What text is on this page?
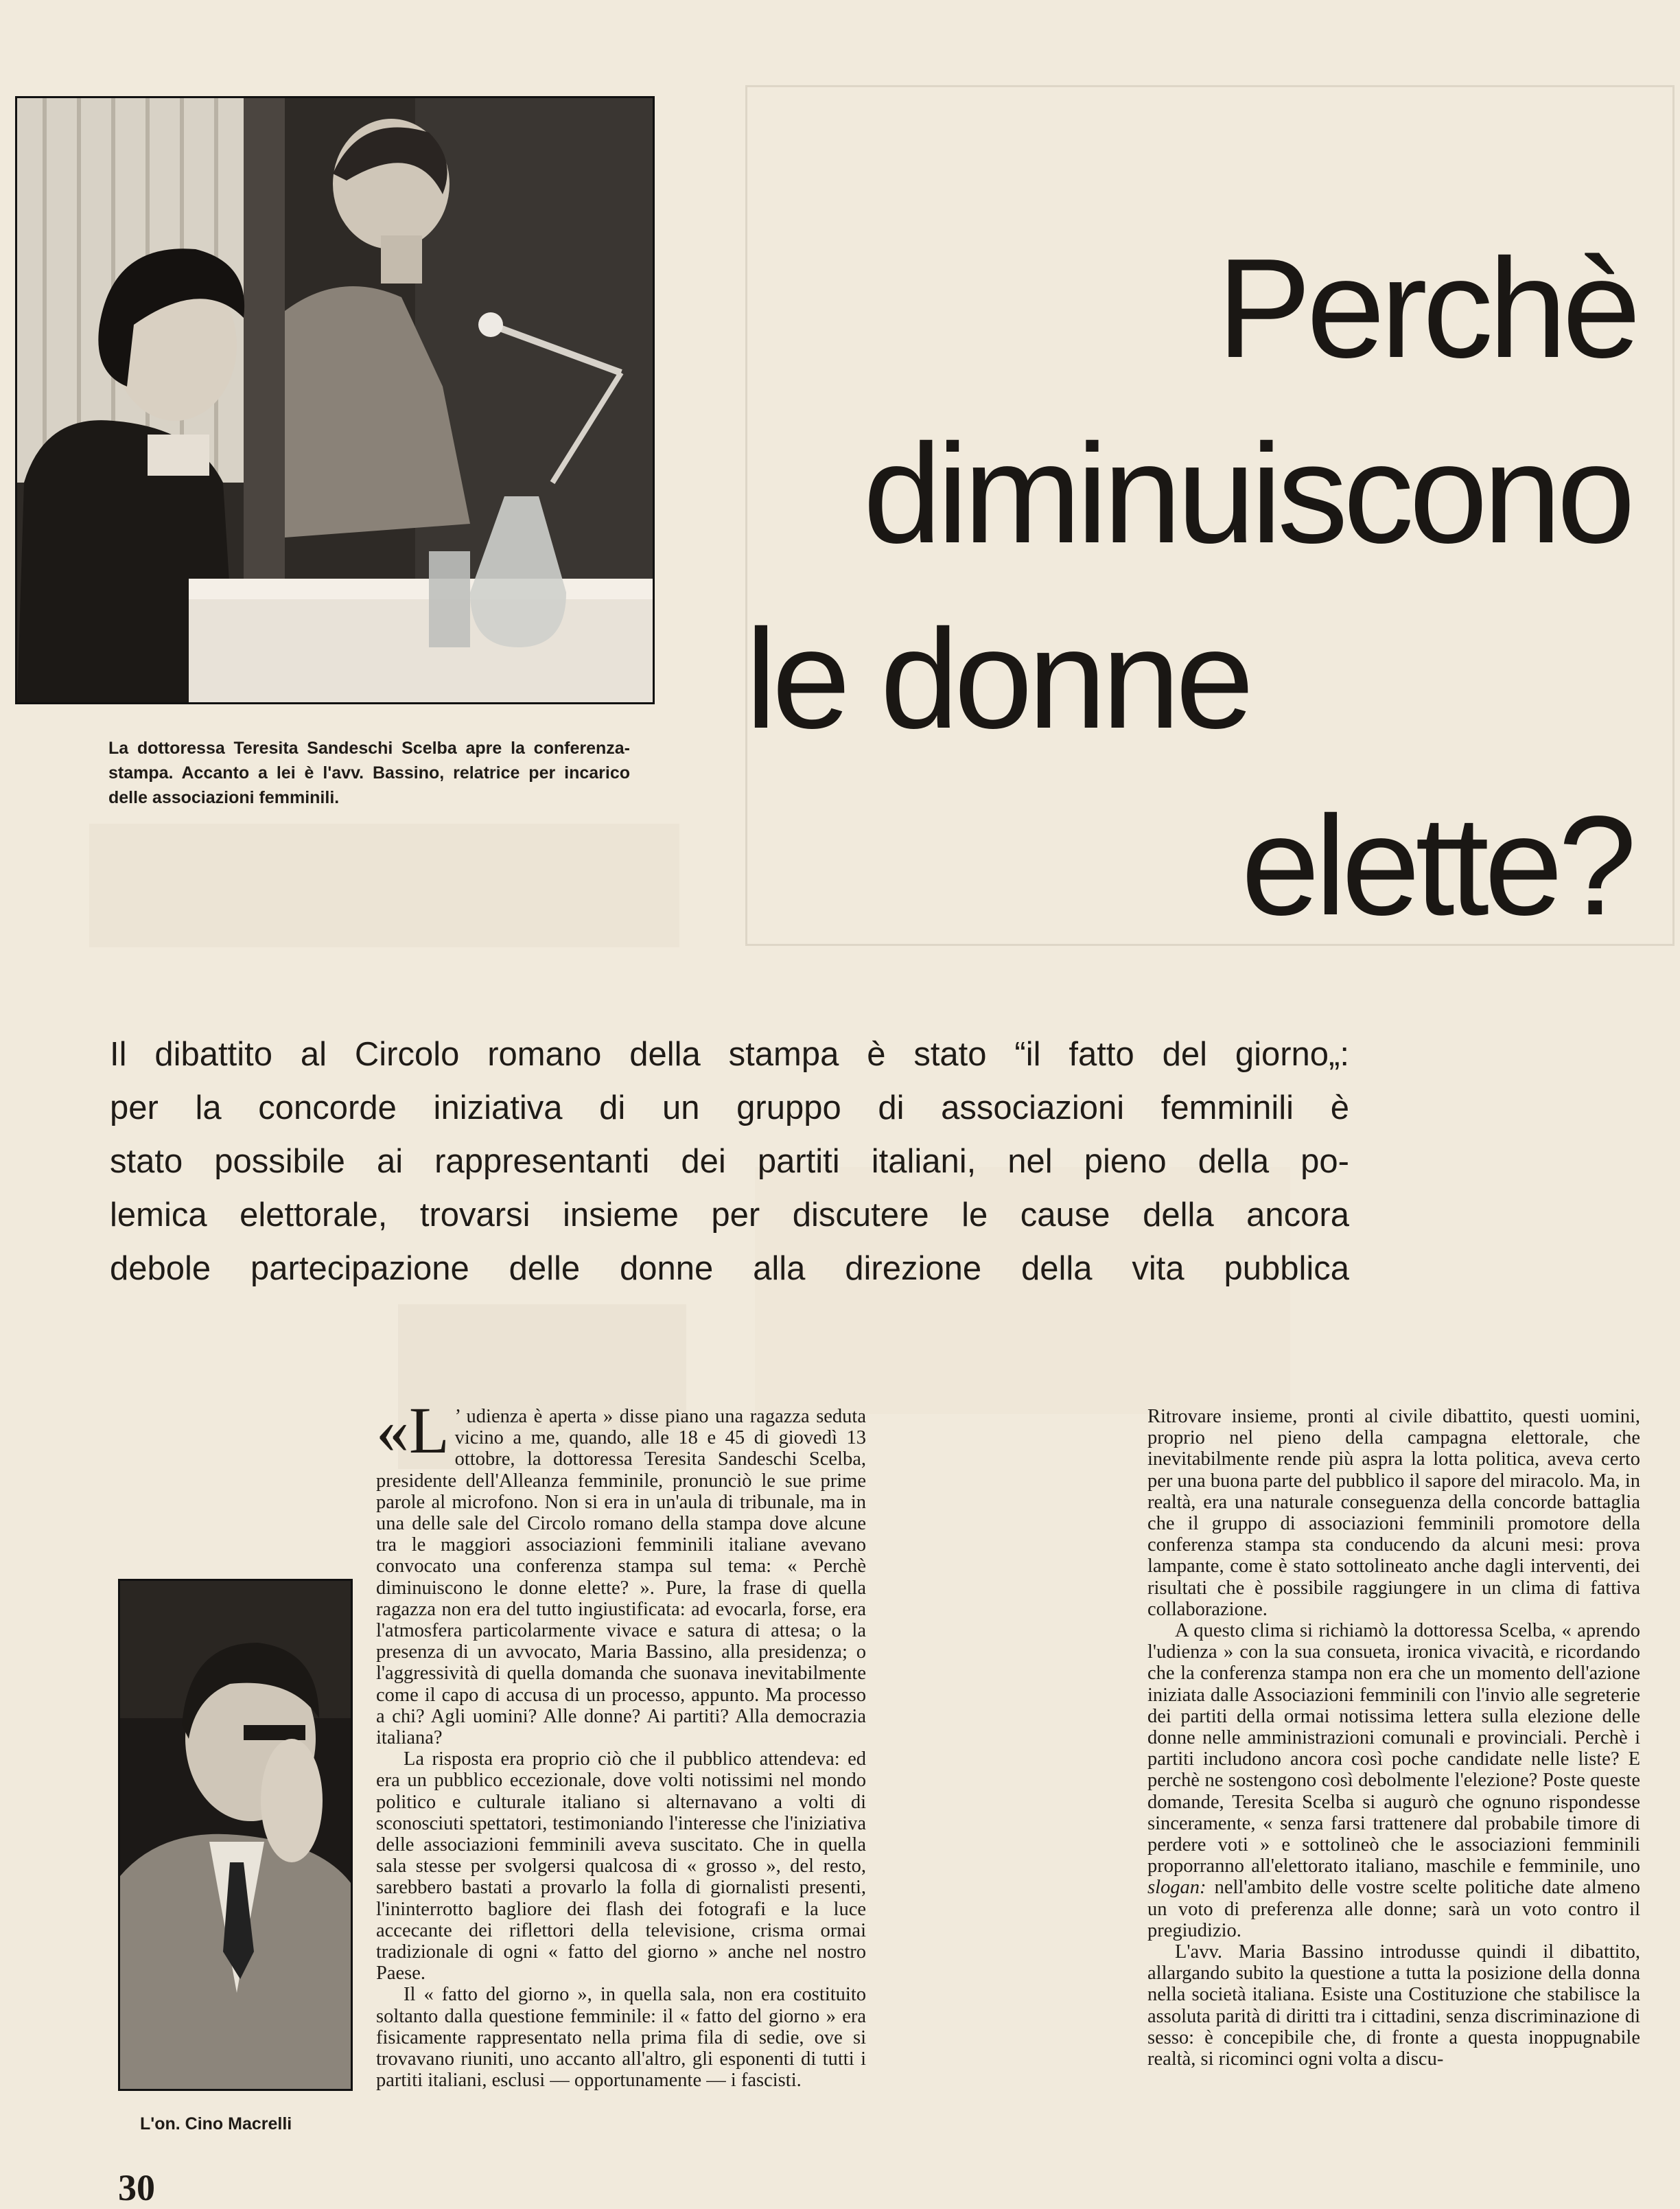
La dottoressa Teresita Sandeschi Scelba apre la conferenza-stampa. Accanto a lei è l'avv. Bassino, relatrice per incarico delle associazioni femminili.
Perchè
diminuiscono
le donne
elette?
Il dibattito al Circolo romano della stampa è stato “il fatto del giorno„:
per la concorde iniziativa di un gruppo di associazioni femminili è
stato possibile ai rappresentanti dei partiti italiani, nel pieno della po-
lemica elettorale, trovarsi insieme per discutere le cause della ancora
debole partecipazione delle donne alla direzione della vita pubblica

«L ’ udienza è aperta » disse piano una ragazza seduta vicino a me, quando, alle 18 e 45 di giovedì 13 ottobre, la dottoressa Teresita Sandeschi Scelba, presidente dell'Alleanza femminile, pronunciò le sue prime parole al microfono. Non si era in un'aula di tribunale, ma in una delle sale del Circolo romano della stampa dove alcune tra le maggiori associazioni femminili italiane avevano convocato una conferenza stampa sul tema: « Perchè diminuiscono le donne elette? ». Pure, la frase di quella ragazza non era del tutto ingiustificata: ad evocarla, forse, era l'atmosfera particolarmente vivace e satura di attesa; o la presenza di un avvocato, Maria Bassino, alla presidenza; o l'aggressività di quella domanda che suonava inevitabilmente come il capo di accusa di un processo, appunto. Ma processo a chi? Agli uomini? Alle donne? Ai partiti? Alla democrazia italiana?

La risposta era proprio ciò che il pubblico attendeva: ed era un pubblico eccezionale, dove volti notissimi nel mondo politico e culturale italiano si alternavano a volti di sconosciuti spettatori, testimoniando l'interesse che l'iniziativa delle associazioni femminili aveva suscitato. Che in quella sala stesse per svolgersi qualcosa di « grosso », del resto, sarebbero bastati a provarlo la folla di giornalisti presenti, l'ininterrotto bagliore dei flash dei fotografi e la luce accecante dei riflettori della televisione, crisma ormai tradizionale di ogni « fatto del giorno » anche nel nostro Paese.

Il « fatto del giorno », in quella sala, non era costituito soltanto dalla questione femminile: il « fatto del giorno » era fisicamente rappresentato nella prima fila di sedie, ove si trovavano riuniti, uno accanto all'altro, gli esponenti di tutti i partiti italiani, esclusi — opportunamente — i fascisti.

L'on. Cino Macrelli

Ritrovare insieme, pronti al civile dibattito, questi uomini, proprio nel pieno della campagna elettorale, che inevitabilmente rende più aspra la lotta politica, aveva certo per una buona parte del pubblico il sapore del miracolo. Ma, in realtà, era una naturale conseguenza della concorde battaglia che il gruppo di associazioni femminili promotore della conferenza stampa sta conducendo da alcuni mesi: prova lampante, come è stato sottolineato anche dagli interventi, dei risultati che è possibile raggiungere in un clima di fattiva collaborazione.

A questo clima si richiamò la dottoressa Scelba, « aprendo l'udienza » con la sua consueta, ironica vivacità, e ricordando che la conferenza stampa non era che un momento dell'azione iniziata dalle Associazioni femminili con l'invio alle segreterie dei partiti della ormai notissima lettera sulla elezione delle donne nelle amministrazioni comunali e provinciali. Perchè i partiti includono ancora così poche candidate nelle liste? E perchè ne sostengono così debolmente l'elezione? Poste queste domande, Teresita Scelba si augurò che ognuno rispondesse sinceramente, « senza farsi trattenere dal probabile timore di perdere voti » e sottolineò che le associazioni femminili proporranno all'elettorato italiano, maschile e femminile, uno slogan: nell'ambito delle vostre scelte politiche date almeno un voto di preferenza alle donne; sarà un voto contro il pregiudizio.

L'avv. Maria Bassino introdusse quindi il dibattito, allargando subito la questione a tutta la posizione della donna nella società italiana. Esiste una Costituzione che stabilisce la assoluta parità di diritti tra i cittadini, senza discriminazione di sesso: è concepibile che, di fronte a questa inoppugnabile realtà, si ricominci ogni volta a discu-

30
